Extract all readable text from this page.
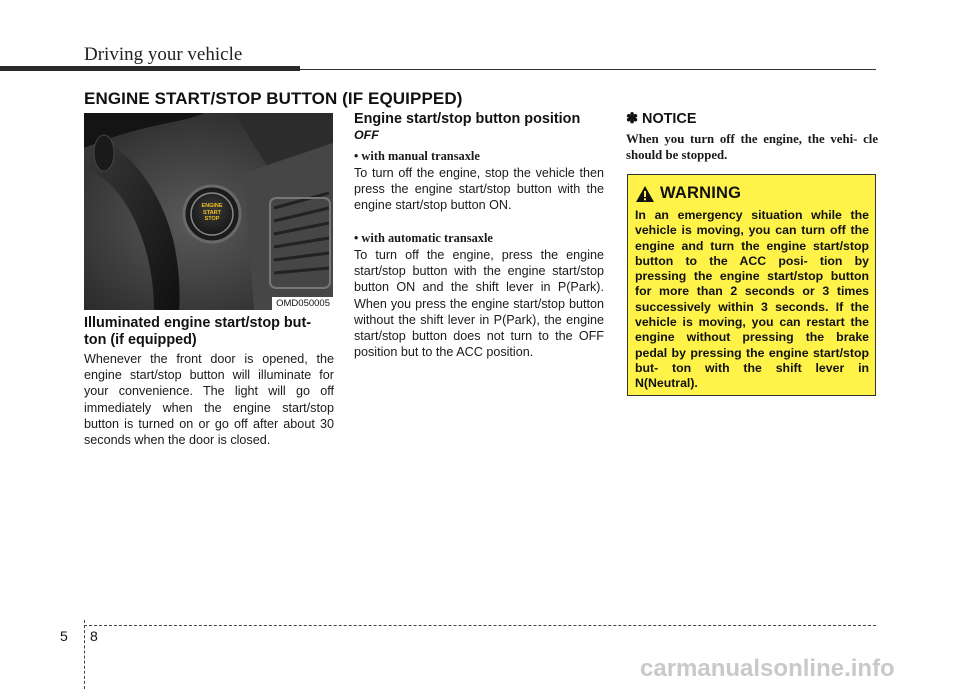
Driving your vehicle
ENGINE START/STOP BUTTON (IF EQUIPPED)
ENGINE
START
STOP
OMD050005
Illuminated engine start/stop but- ton (if equipped)
Whenever the front door is opened, the engine start/stop button will illuminate for your convenience. The light will go off immediately when the engine start/stop button is turned on or go off after about 30 seconds when the door is closed.
Engine start/stop button position
OFF
• with manual transaxle
To turn off the engine, stop the vehicle then press the engine start/stop button with the engine start/stop button ON.
• with automatic transaxle
To turn off the engine, press the engine start/stop button with the engine start/stop button ON and the shift lever in P(Park). When you press the engine start/stop button without the shift lever in P(Park), the engine start/stop button does not turn to the OFF position but to the ACC position.
✽ NOTICE
When you turn off the engine, the vehi- cle should be stopped.
WARNING
In an emergency situation while the vehicle is moving, you can turn off the engine and turn the engine start/stop button to the ACC posi- tion by pressing the engine start/stop button for more than 2 seconds or 3 times successively within 3 seconds. If the vehicle is moving, you can restart the engine without pressing the brake pedal by pressing the engine start/stop but- ton with the shift lever in N(Neutral).
5 8
carmanualsonline.info
